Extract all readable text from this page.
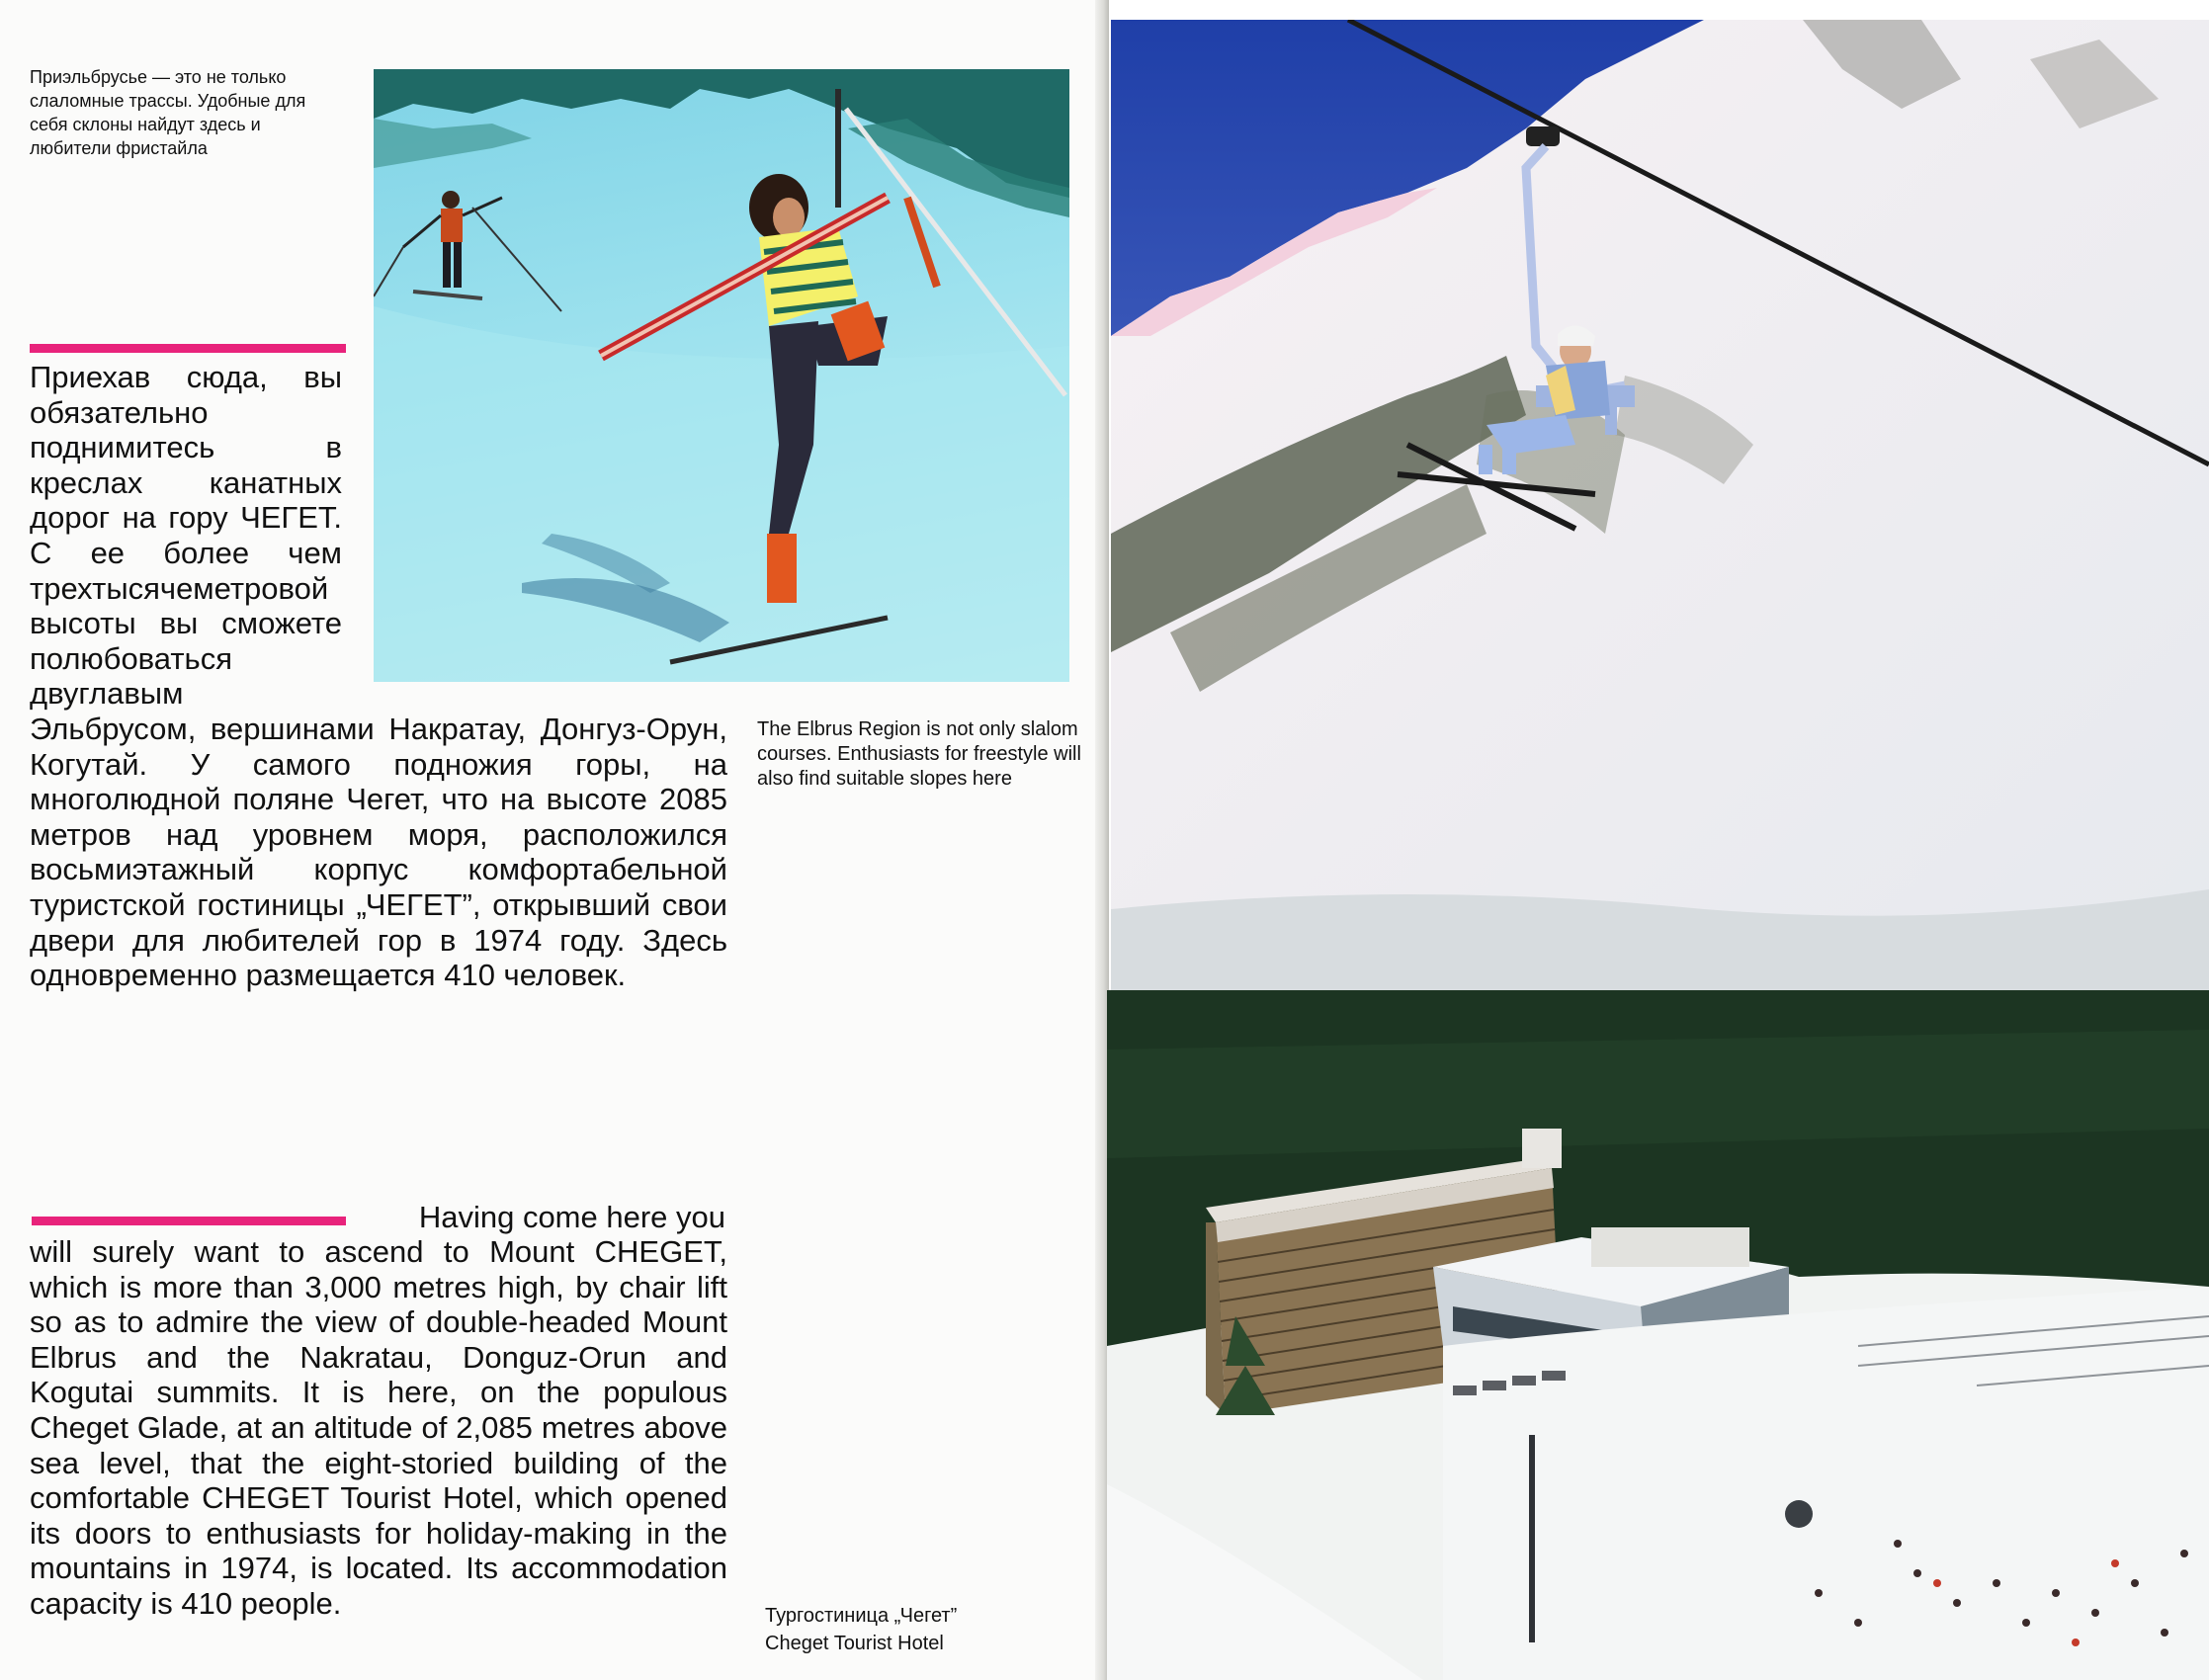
Приэльбрусье — это не только слаломные трассы. Удобные для себя склоны найдут здесь и любители фристайла

Приехав сюда, вы обязательно поднимитесь в креслах канатных дорог на гору ЧЕГЕТ. С ее более чем трехтысячеметровой высоты вы сможете полюбоваться двуглавым

Эльбрусом, вершинами Накратау, Донгуз-Орун, Когутай. У самого подножия горы, на многолюдной поляне Чегет, что на высоте 2085 метров над уровнем моря, расположился восьмиэтажный корпус комфортабельной туристской гостиницы „ЧЕГЕТ”, открывший свои двери для любителей гор в 1974 году. Здесь одновременно размещается 410 человек.

The Elbrus Region is not only slalom courses. Enthusiasts for freestyle will also find suitable slopes here

Having come here you

will surely want to ascend to Mount CHEGET, which is more than 3,000 metres high, by chair lift so as to admire the view of double-headed Mount Elbrus and the Nakratau, Donguz-Orun and Kogutai summits. It is here, on the populous Cheget Glade, at an altitude of 2,085 metres above sea level, that the eight-storied building of the comfortable CHEGET Tourist Hotel, which opened its doors to enthusiasts for holiday-making in the mountains in 1974, is located. Its accommodation capacity is 410 people.	Тургостиница „Чегет”
Cheget Tourist Hotel
